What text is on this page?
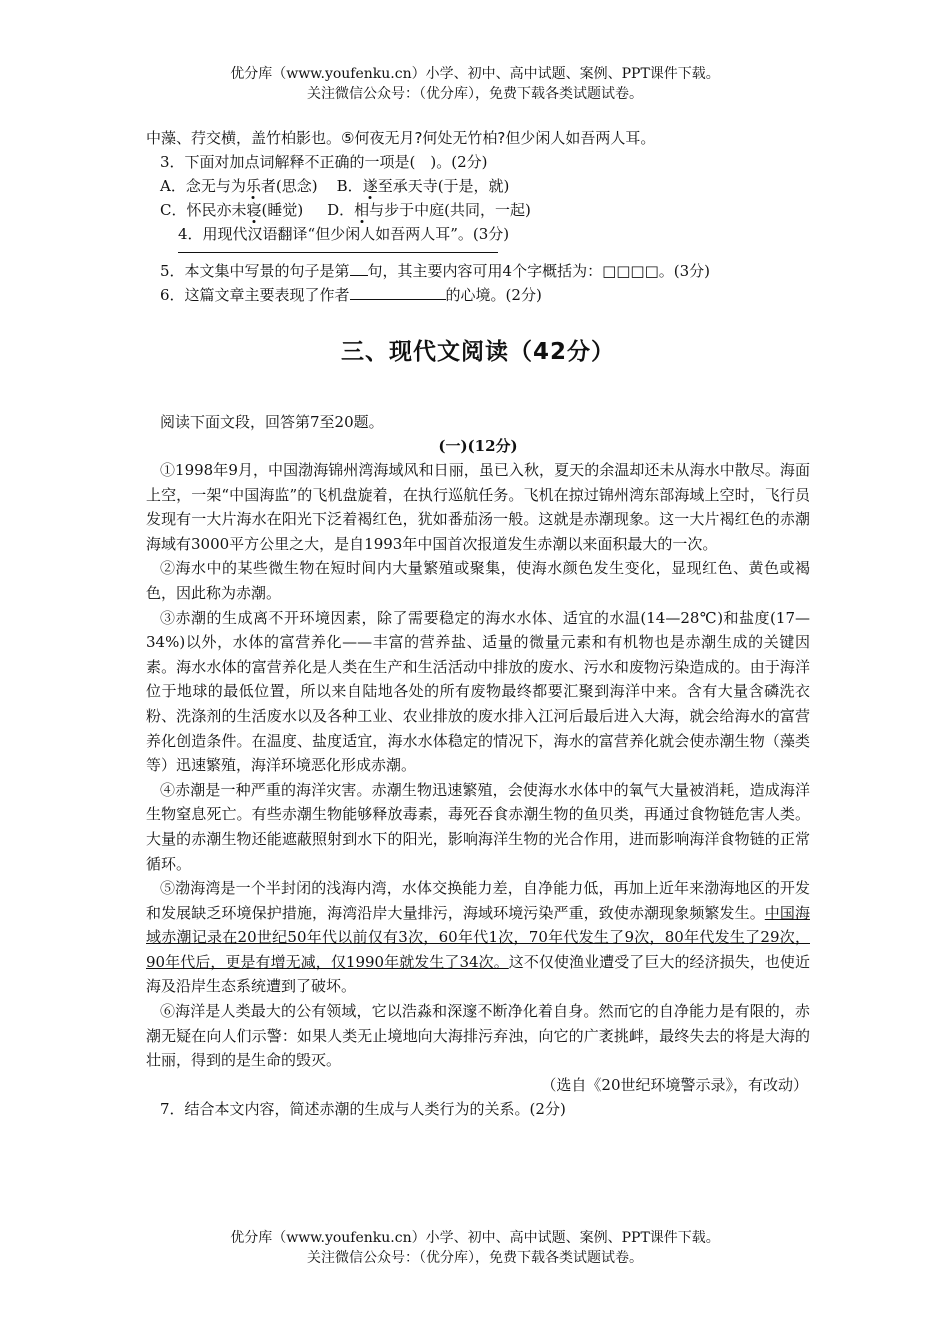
优分库（www.youfenku.cn）小学、初中、高中试题、案例、PPT课件下载。
关注微信公众号：（优分库），免费下载各类试题试卷。

中藻、荇交横，盖竹柏影也。⑤何夜无月?何处无竹柏?但少闲人如吾两人耳。

3．下面对加点词解释不正确的一项是(　)。(2分)

A．念无与为乐者(思念) B．遂至承天寺(于是，就)

C．怀民亦未寝(睡觉) D．相与步于中庭(共同，一起)

4．用现代汉语翻译“但少闲人如吾两人耳”。(3分)

5．本文集中写景的句子是第 句，其主要内容可用4个字概括为：□□□□。(3分)

6．这篇文章主要表现了作者	的心境。(2分)

三、现代文阅读（42分）

阅读下面文段，回答第7至20题。

(一)(12分)

①1998年9月，中国渤海锦州湾海域风和日丽，虽已入秋，夏天的余温却还未从海水中散尽。海面上空，一架“中国海监”的飞机盘旋着，在执行巡航任务。飞机在掠过锦州湾东部海域上空时，飞行员发现有一大片海水在阳光下泛着褐红色，犹如番茄汤一般。这就是赤潮现象。这一大片褐红色的赤潮海域有3000平方公里之大，是自1993年中国首次报道发生赤潮以来面积最大的一次。

②海水中的某些微生物在短时间内大量繁殖或聚集，使海水颜色发生变化，显现红色、黄色或褐色，因此称为赤潮。

③赤潮的生成离不开环境因素，除了需要稳定的海水水体、适宜的水温(14—28℃)和盐度(17—34%)以外，水体的富营养化——丰富的营养盐、适量的微量元素和有机物也是赤潮生成的关键因素。海水水体的富营养化是人类在生产和生活活动中排放的废水、污水和废物污染造成的。由于海洋位于地球的最低位置，所以来自陆地各处的所有废物最终都要汇聚到海洋中来。含有大量含磷洗衣粉、洗涤剂的生活废水以及各种工业、农业排放的废水排入江河后最后进入大海，就会给海水的富营养化创造条件。在温度、盐度适宜，海水水体稳定的情况下，海水的富营养化就会使赤潮生物（藻类等）迅速繁殖，海洋环境恶化形成赤潮。

④赤潮是一种严重的海洋灾害。赤潮生物迅速繁殖，会使海水水体中的氧气大量被消耗，造成海洋生物窒息死亡。有些赤潮生物能够释放毒素，毒死吞食赤潮生物的鱼贝类，再通过食物链危害人类。大量的赤潮生物还能遮蔽照射到水下的阳光，影响海洋生物的光合作用，进而影响海洋食物链的正常循环。

⑤渤海湾是一个半封闭的浅海内湾，水体交换能力差，自净能力低，再加上近年来渤海地区的开发和发展缺乏环境保护措施，海湾沿岸大量排污，海域环境污染严重，致使赤潮现象频繁发生。中国海域赤潮记录在20世纪50年代以前仅有3次，60年代1次，70年代发生了9次，80年代发生了29次，90年代后，更是有增无减，仅1990年就发生了34次。这不仅使渔业遭受了巨大的经济损失，也使近海及沿岸生态系统遭到了破坏。

⑥海洋是人类最大的公有领域，它以浩淼和深邃不断净化着自身。然而它的自净能力是有限的，赤潮无疑在向人们示警：如果人类无止境地向大海排污弃浊，向它的广袤挑衅，最终失去的将是大海的壮丽，得到的是生命的毁灭。

（选自《20世纪环境警示录》，有改动）

7．结合本文内容，简述赤潮的生成与人类行为的关系。(2分)

优分库（www.youfenku.cn）小学、初中、高中试题、案例、PPT课件下载。
关注微信公众号：（优分库），免费下载各类试题试卷。
